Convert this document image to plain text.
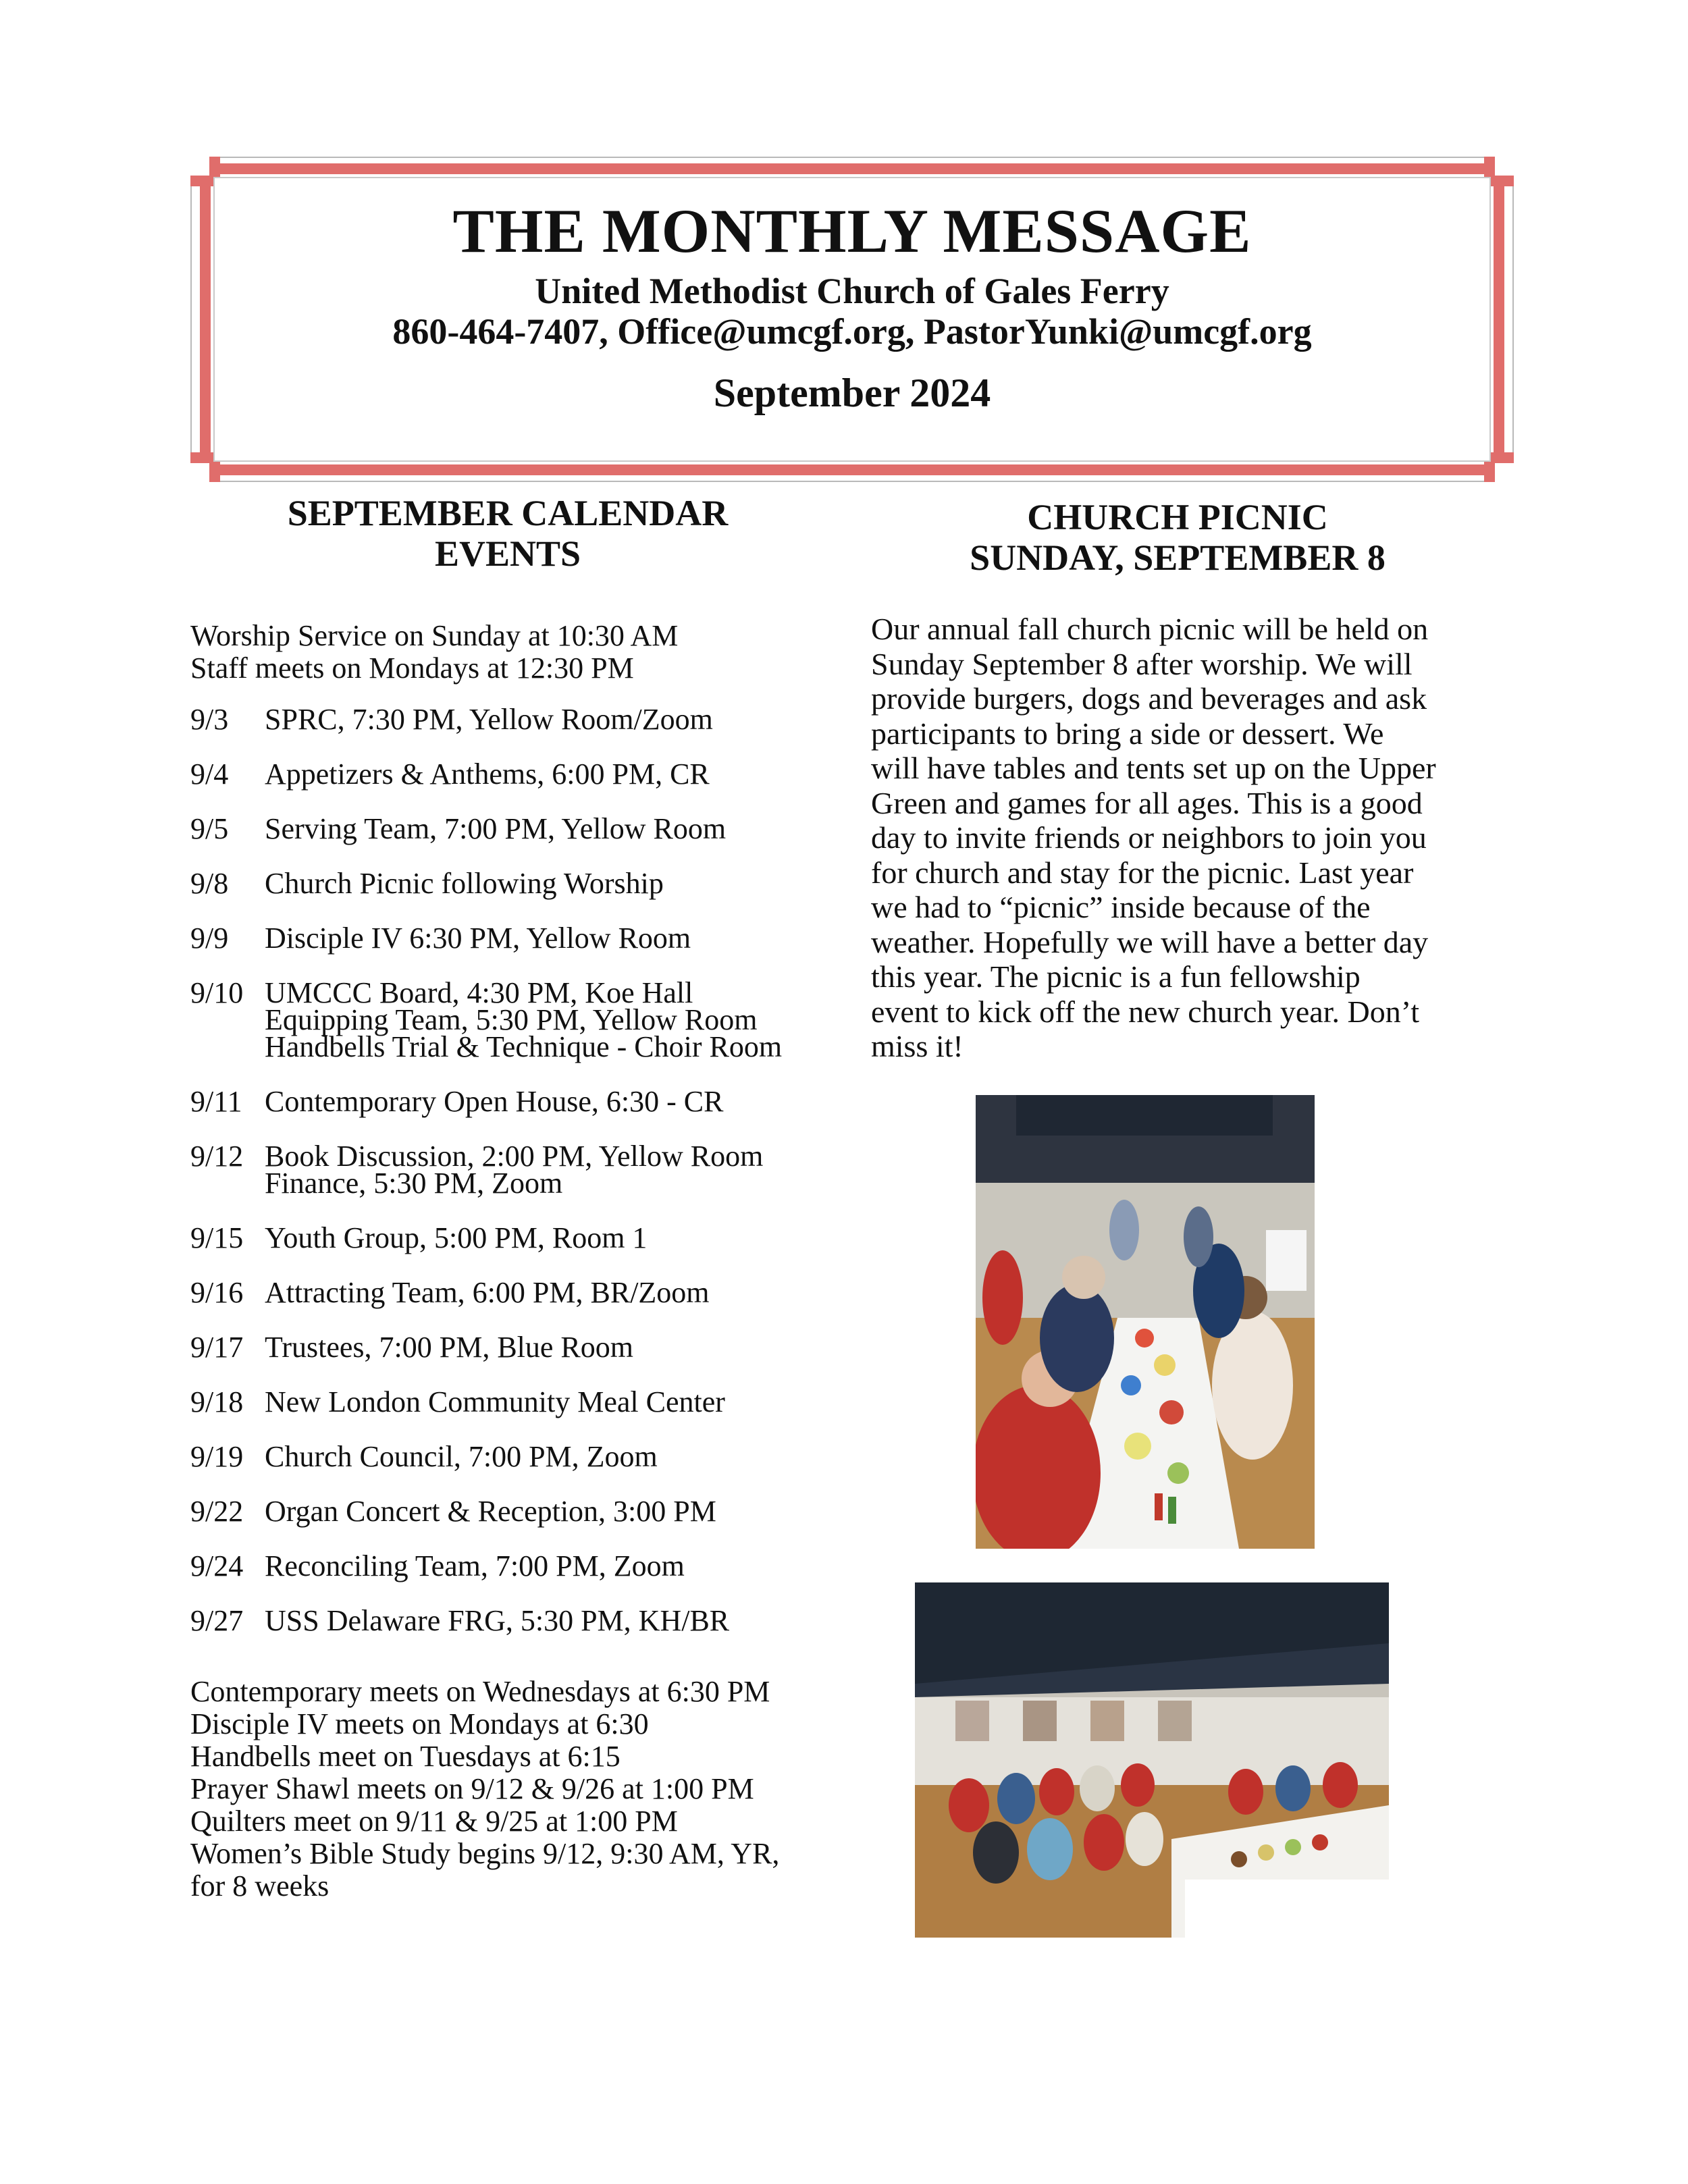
THE MONTHLY MESSAGE
United Methodist Church of Gales Ferry
860-464-7407, Office@umcgf.org, PastorYunki@umcgf.org
September 2024
SEPTEMBER CALENDAR
EVENTS
Worship Service on Sunday at 10:30 AM
Staff meets on Mondays at 12:30 PM
9/3	SPRC, 7:30 PM, Yellow Room/Zoom
9/4	Appetizers & Anthems, 6:00 PM, CR
9/5	Serving Team, 7:00 PM, Yellow Room
9/8	Church Picnic following Worship
9/9	Disciple IV 6:30 PM, Yellow Room
9/10 UMCCC Board, 4:30 PM, Koe Hall
Equipping Team, 5:30 PM, Yellow Room
Handbells Trial & Technique - Choir Room
9/11 Contemporary Open House, 6:30 - CR
9/12 Book Discussion, 2:00 PM, Yellow Room
Finance, 5:30 PM, Zoom
9/15 Youth Group, 5:00 PM, Room 1
9/16 Attracting Team, 6:00 PM, BR/Zoom
9/17 Trustees, 7:00 PM, Blue Room
9/18 New London Community Meal Center
9/19 Church Council, 7:00 PM, Zoom
9/22 Organ Concert & Reception, 3:00 PM
9/24 Reconciling Team, 7:00 PM, Zoom
9/27 USS Delaware FRG, 5:30 PM, KH/BR
Contemporary meets on Wednesdays at 6:30 PM
Disciple IV meets on Mondays at 6:30
Handbells meet on Tuesdays at 6:15
Prayer Shawl meets on 9/12 & 9/26 at 1:00 PM
Quilters meet on 9/11 & 9/25 at 1:00 PM
Women’s Bible Study begins 9/12, 9:30 AM, YR,
for 8 weeks
CHURCH PICNIC
SUNDAY, SEPTEMBER 8
Our annual fall church picnic will be held on
Sunday September 8 after worship. We will
provide burgers, dogs and beverages and ask
participants to bring a side or dessert. We
will have tables and tents set up on the Upper
Green and games for all ages. This is a good
day to invite friends or neighbors to join you
for church and stay for the picnic. Last year
we had to “picnic” inside because of the
weather. Hopefully we will have a better day
this year. The picnic is a fun fellowship
event to kick off the new church year. Don’t
miss it!
